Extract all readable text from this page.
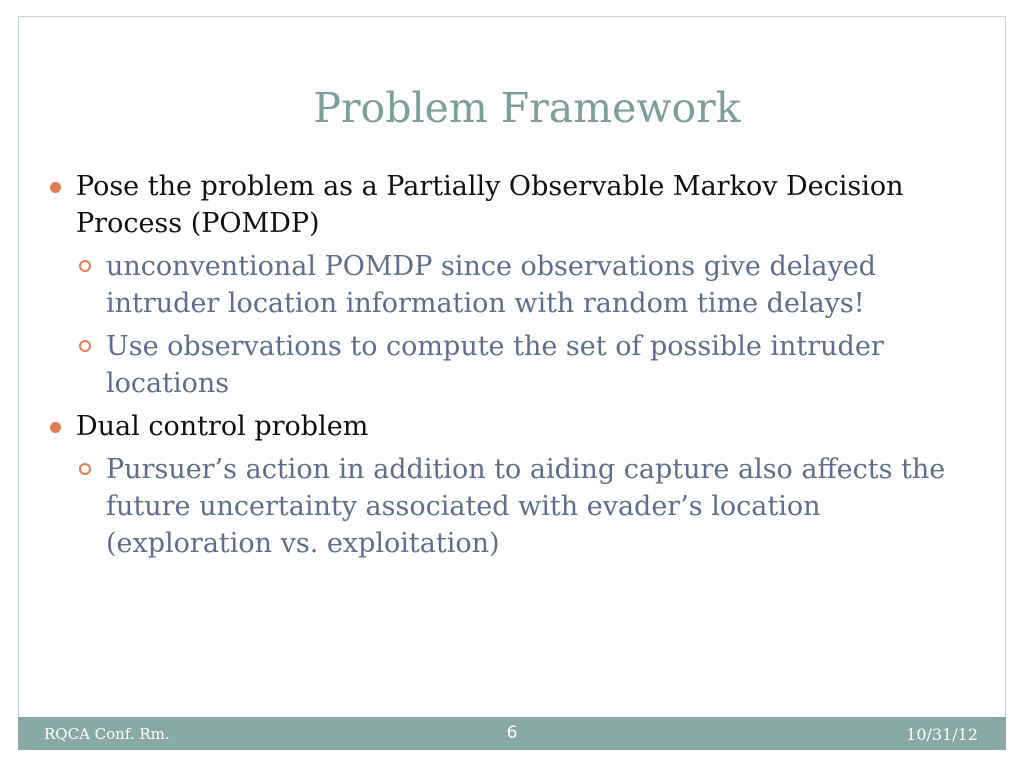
Problem Framework
Pose the problem as a Partially Observable Markov Decision Process (POMDP)
unconventional POMDP since observations give delayed intruder location information with random time delays!
Use observations to compute the set of possible intruder locations
Dual control problem
Pursuer’s action in addition to aiding capture also affects the future uncertainty associated with evader’s location (exploration vs. exploitation)
RQCA Conf. Rm.	6	10/31/12
